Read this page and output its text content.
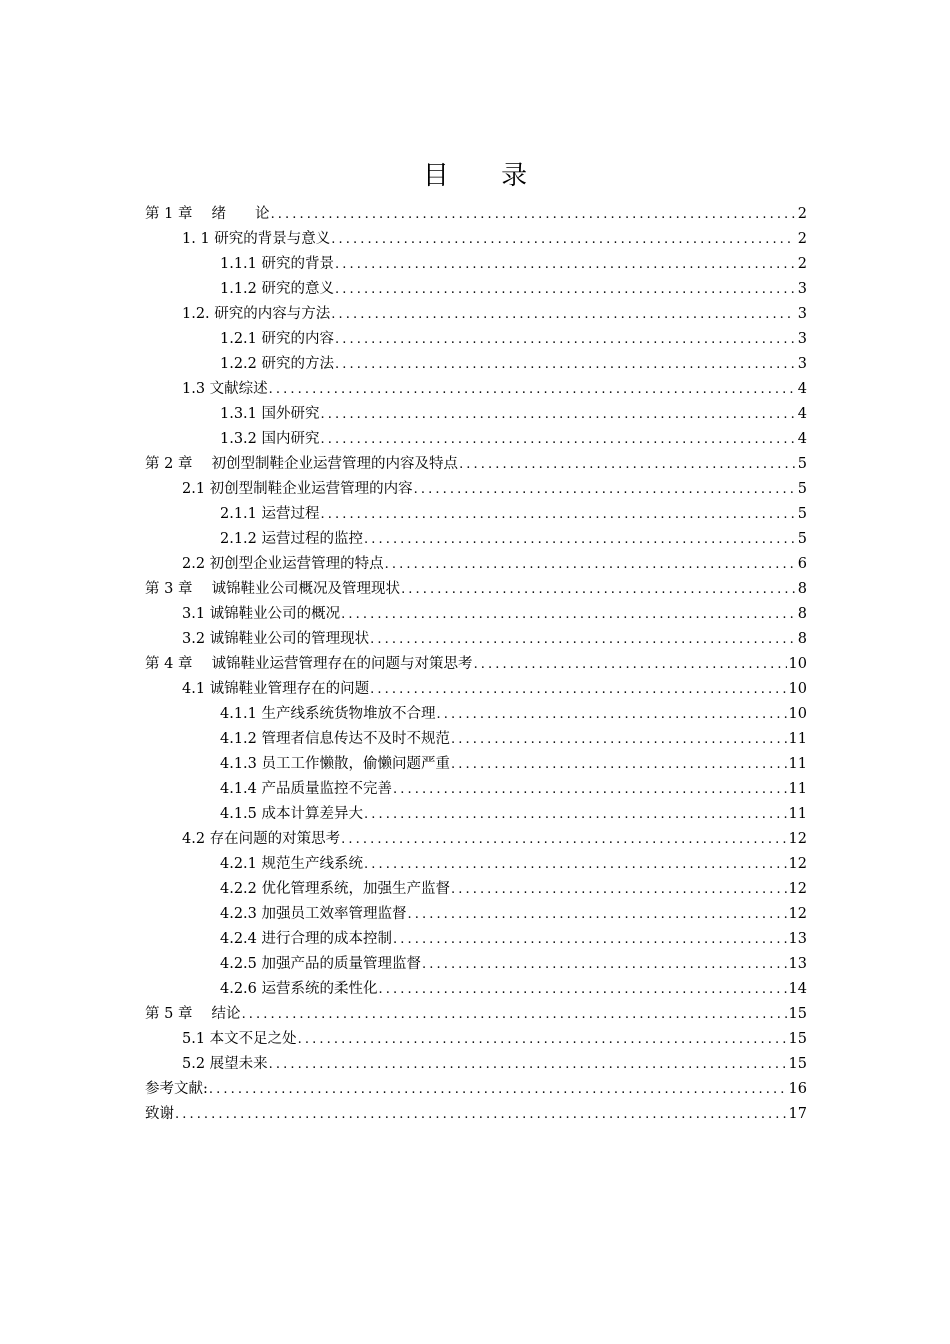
目 录
第 1 章　 绪　　论 .....	2
1. 1 研究的背景与意义 .....	2
1.1.1 研究的背景 .....	2
1.1.2 研究的意义 .....	3
1.2. 研究的内容与方法 .....	3
1.2.1 研究的内容 .....	3
1.2.2 研究的方法 .....	3
1.3 文献综述 .....	4
1.3.1 国外研究 .....	4
1.3.2 国内研究 .....	4
第 2 章　 初创型制鞋企业运营管理的内容及特点 .....	5
2.1 初创型制鞋企业运营管理的内容 .....	5
2.1.1 运营过程 .....	5
2.1.2 运营过程的监控 .....	5
2.2 初创型企业运营管理的特点 .....	6
第 3 章　 诚锦鞋业公司概况及管理现状 .....	8
3.1 诚锦鞋业公司的概况 .....	8
3.2 诚锦鞋业公司的管理现状 .....	8
第 4 章　 诚锦鞋业运营管理存在的问题与对策思考 .....	10
4.1 诚锦鞋业管理存在的问题 .....	10
4.1.1 生产线系统货物堆放不合理 .....	10
4.1.2 管理者信息传达不及时不规范 .....	11
4.1.3 员工工作懒散，偷懒问题严重 .....	11
4.1.4 产品质量监控不完善 .....	11
4.1.5 成本计算差异大 .....	11
4.2 存在问题的对策思考 .....	12
4.2.1 规范生产线系统 .....	12
4.2.2 优化管理系统，加强生产监督 .....	12
4.2.3 加强员工效率管理监督 .....	12
4.2.4 进行合理的成本控制 .....	13
4.2.5 加强产品的质量管理监督 .....	13
4.2.6 运营系统的柔性化 .....	14
第 5 章　 结论 .....	15
5.1 本文不足之处 .....	15
5.2 展望未来 .....	15
参考文献: .....	16
致谢 .....	17
